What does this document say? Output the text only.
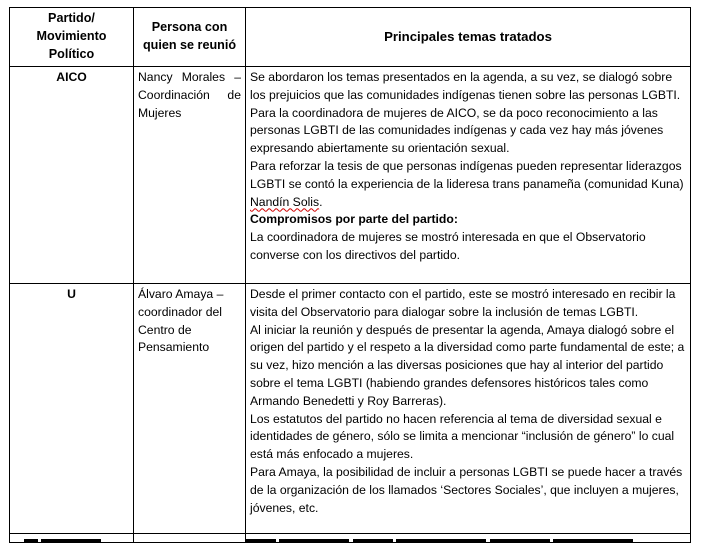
Partido/ Movimiento Político	Persona con quien se reunió	Principales temas tratados
AICO	Nancy Morales – Coordinación de Mujeres	Se abordaron los temas presentados en la agenda, a su vez, se dialogó sobre los prejuicios que las comunidades indígenas tienen sobre las personas LGBTI.

Para la coordinadora de mujeres de AICO, se da poco reconocimiento a las personas LGBTI de las comunidades indígenas y cada vez hay más jóvenes expresando abiertamente su orientación sexual.

Para reforzar la tesis de que personas indígenas pueden representar liderazgos LGBTI se contó la experiencia de la lideresa trans panameña (comunidad Kuna) Nandín Solis.

Compromisos por parte del partido:

La coordinadora de mujeres se mostró interesada en que el Observatorio converse con los directivos del partido.

U	Álvaro Amaya – coordinador del Centro de Pensamiento	Desde el primer contacto con el partido, este se mostró interesado en recibir la visita del Observatorio para dialogar sobre la inclusión de temas LGBTI.

Al iniciar la reunión y después de presentar la agenda, Amaya dialogó sobre el origen del partido y el respeto a la diversidad como parte fundamental de este; a su vez, hizo mención a las diversas posiciones que hay al interior del partido sobre el tema LGBTI (habiendo grandes defensores históricos tales como Armando Benedetti y Roy Barreras).

Los estatutos del partido no hacen referencia al tema de diversidad sexual e identidades de género, sólo se limita a mencionar “inclusión de género” lo cual está más enfocado a mujeres.

Para Amaya, la posibilidad de incluir a personas LGBTI se puede hacer a través de la organización de los llamados ‘Sectores Sociales’, que incluyen a mujeres, jóvenes, etc.
